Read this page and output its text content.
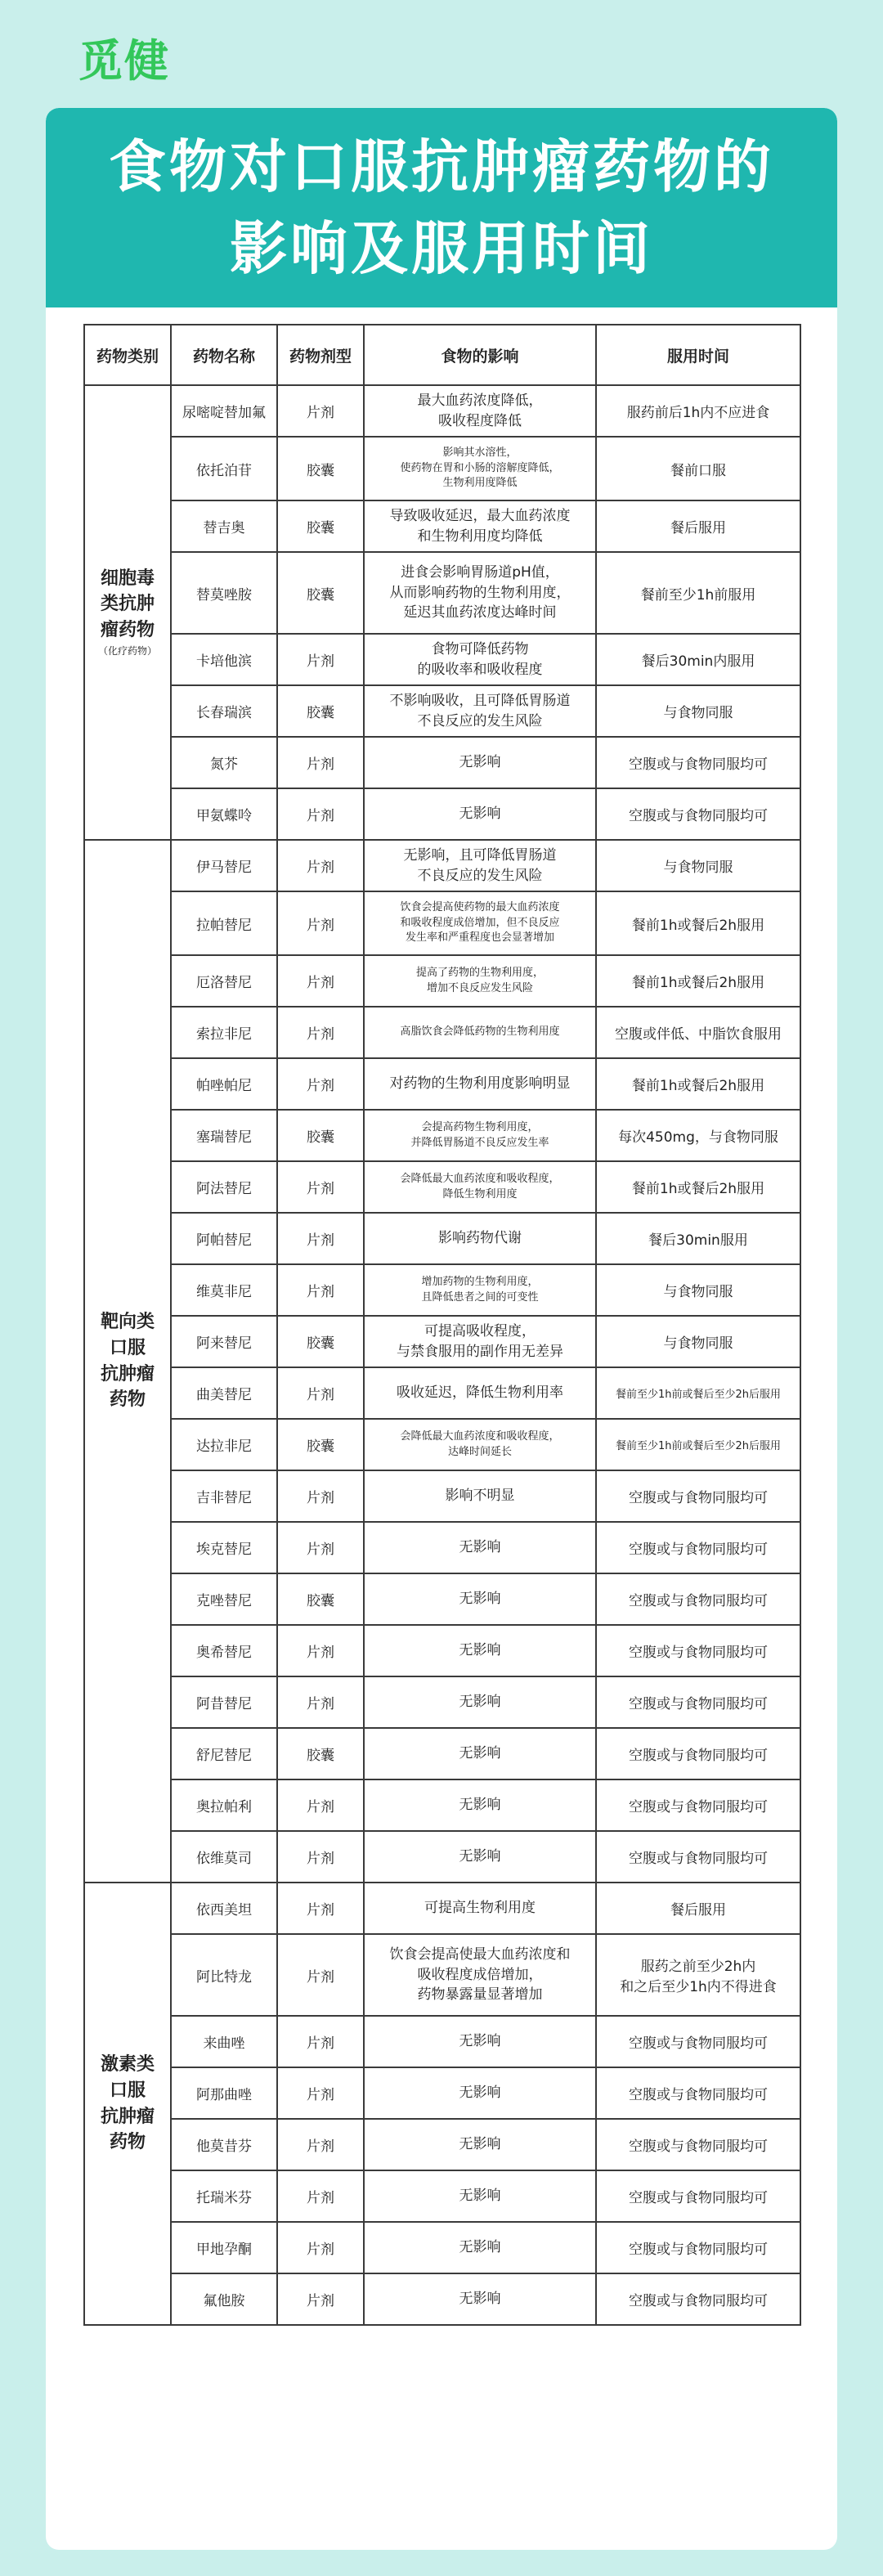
觅健
食物对口服抗肿瘤药物的
影响及服用时间
药物类别	药物名称	药物剂型	食物的影响	服用时间
细胞毒
类抗肿
瘤药物
（化疗药物）	尿嘧啶替加氟	片剂	最大血药浓度降低，
吸收程度降低	服药前后1h内不应进食
	依托泊苷	胶囊	影响其水溶性，
使药物在胃和小肠的溶解度降低，
生物利用度降低	餐前口服
	替吉奥	胶囊	导致吸收延迟，最大血药浓度
和生物利用度均降低	餐后服用
	替莫唑胺	胶囊	进食会影响胃肠道pH值，
从而影响药物的生物利用度，
延迟其血药浓度达峰时间	餐前至少1h前服用
	卡培他滨	片剂	食物可降低药物
的吸收率和吸收程度	餐后30min内服用
	长春瑞滨	胶囊	不影响吸收，且可降低胃肠道
不良反应的发生风险	与食物同服
	氮芥	片剂	无影响	空腹或与食物同服均可
	甲氨蝶呤	片剂	无影响	空腹或与食物同服均可
靶向类
口服
抗肿瘤
药物	伊马替尼	片剂	无影响，且可降低胃肠道
不良反应的发生风险	与食物同服
	拉帕替尼	片剂	饮食会提高使药物的最大血药浓度
和吸收程度成倍增加，但不良反应
发生率和严重程度也会显著增加	餐前1h或餐后2h服用
	厄洛替尼	片剂	提高了药物的生物利用度，
增加不良反应发生风险	餐前1h或餐后2h服用
	索拉非尼	片剂	高脂饮食会降低药物的生物利用度	空腹或伴低、中脂饮食服用
	帕唑帕尼	片剂	对药物的生物利用度影响明显	餐前1h或餐后2h服用
	塞瑞替尼	胶囊	会提高药物生物利用度，
并降低胃肠道不良反应发生率	每次450mg，与食物同服
	阿法替尼	片剂	会降低最大血药浓度和吸收程度，
降低生物利用度	餐前1h或餐后2h服用
	阿帕替尼	片剂	影响药物代谢	餐后30min服用
	维莫非尼	片剂	增加药物的生物利用度，
且降低患者之间的可变性	与食物同服
	阿来替尼	胶囊	可提高吸收程度，
与禁食服用的副作用无差异	与食物同服
	曲美替尼	片剂	吸收延迟，降低生物利用率	餐前至少1h前或餐后至少2h后服用
	达拉非尼	胶囊	会降低最大血药浓度和吸收程度，
达峰时间延长	餐前至少1h前或餐后至少2h后服用
	吉非替尼	片剂	影响不明显	空腹或与食物同服均可
	埃克替尼	片剂	无影响	空腹或与食物同服均可
	克唑替尼	胶囊	无影响	空腹或与食物同服均可
	奥希替尼	片剂	无影响	空腹或与食物同服均可
	阿昔替尼	片剂	无影响	空腹或与食物同服均可
	舒尼替尼	胶囊	无影响	空腹或与食物同服均可
	奥拉帕利	片剂	无影响	空腹或与食物同服均可
	依维莫司	片剂	无影响	空腹或与食物同服均可
激素类
口服
抗肿瘤
药物	依西美坦	片剂	可提高生物利用度	餐后服用
	阿比特龙	片剂	饮食会提高使最大血药浓度和
吸收程度成倍增加，
药物暴露量显著增加	服药之前至少2h内
和之后至少1h内不得进食
	来曲唑	片剂	无影响	空腹或与食物同服均可
	阿那曲唑	片剂	无影响	空腹或与食物同服均可
	他莫昔芬	片剂	无影响	空腹或与食物同服均可
	托瑞米芬	片剂	无影响	空腹或与食物同服均可
	甲地孕酮	片剂	无影响	空腹或与食物同服均可
	氟他胺	片剂	无影响	空腹或与食物同服均可
